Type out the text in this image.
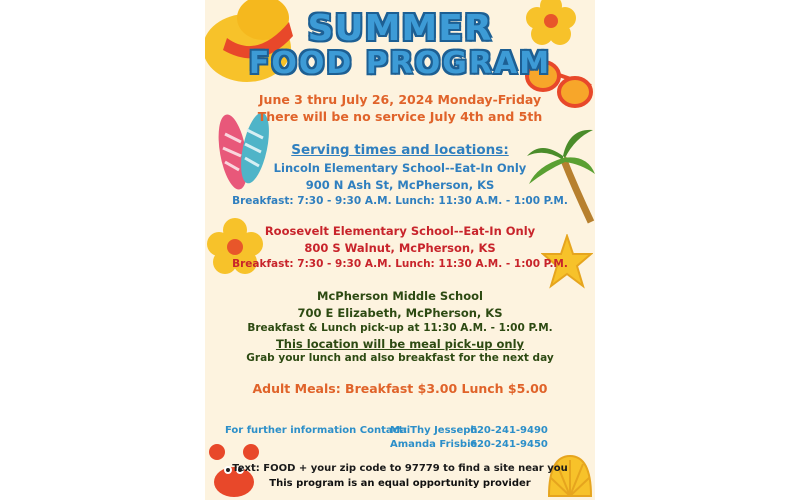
SUMMER
FOOD PROGRAM
June 3 thru July 26, 2024 Monday-Friday
There will be no service July 4th and 5th
Serving times and locations:
Lincoln Elementary School--Eat-In Only
900 N Ash St, McPherson, KS
Breakfast: 7:30 - 9:30 A.M. Lunch: 11:30 A.M. - 1:00 P.M.
Roosevelt Elementary School--Eat-In Only
800 S Walnut, McPherson, KS
Breakfast: 7:30 - 9:30 A.M. Lunch: 11:30 A.M. - 1:00 P.M.
McPherson Middle School
700 E Elizabeth, McPherson, KS
Breakfast & Lunch pick-up at 11:30 A.M. - 1:00 P.M.
This location will be meal pick-up only
Grab your lunch and also breakfast for the next day
Adult Meals: Breakfast $3.00 Lunch $5.00
For further information Contact:
MaiThy Jesseph
620-241-9490
Amanda Frisbie
620-241-9450
Text: FOOD + your zip code to 97779 to find a site near you
This program is an equal opportunity provider
